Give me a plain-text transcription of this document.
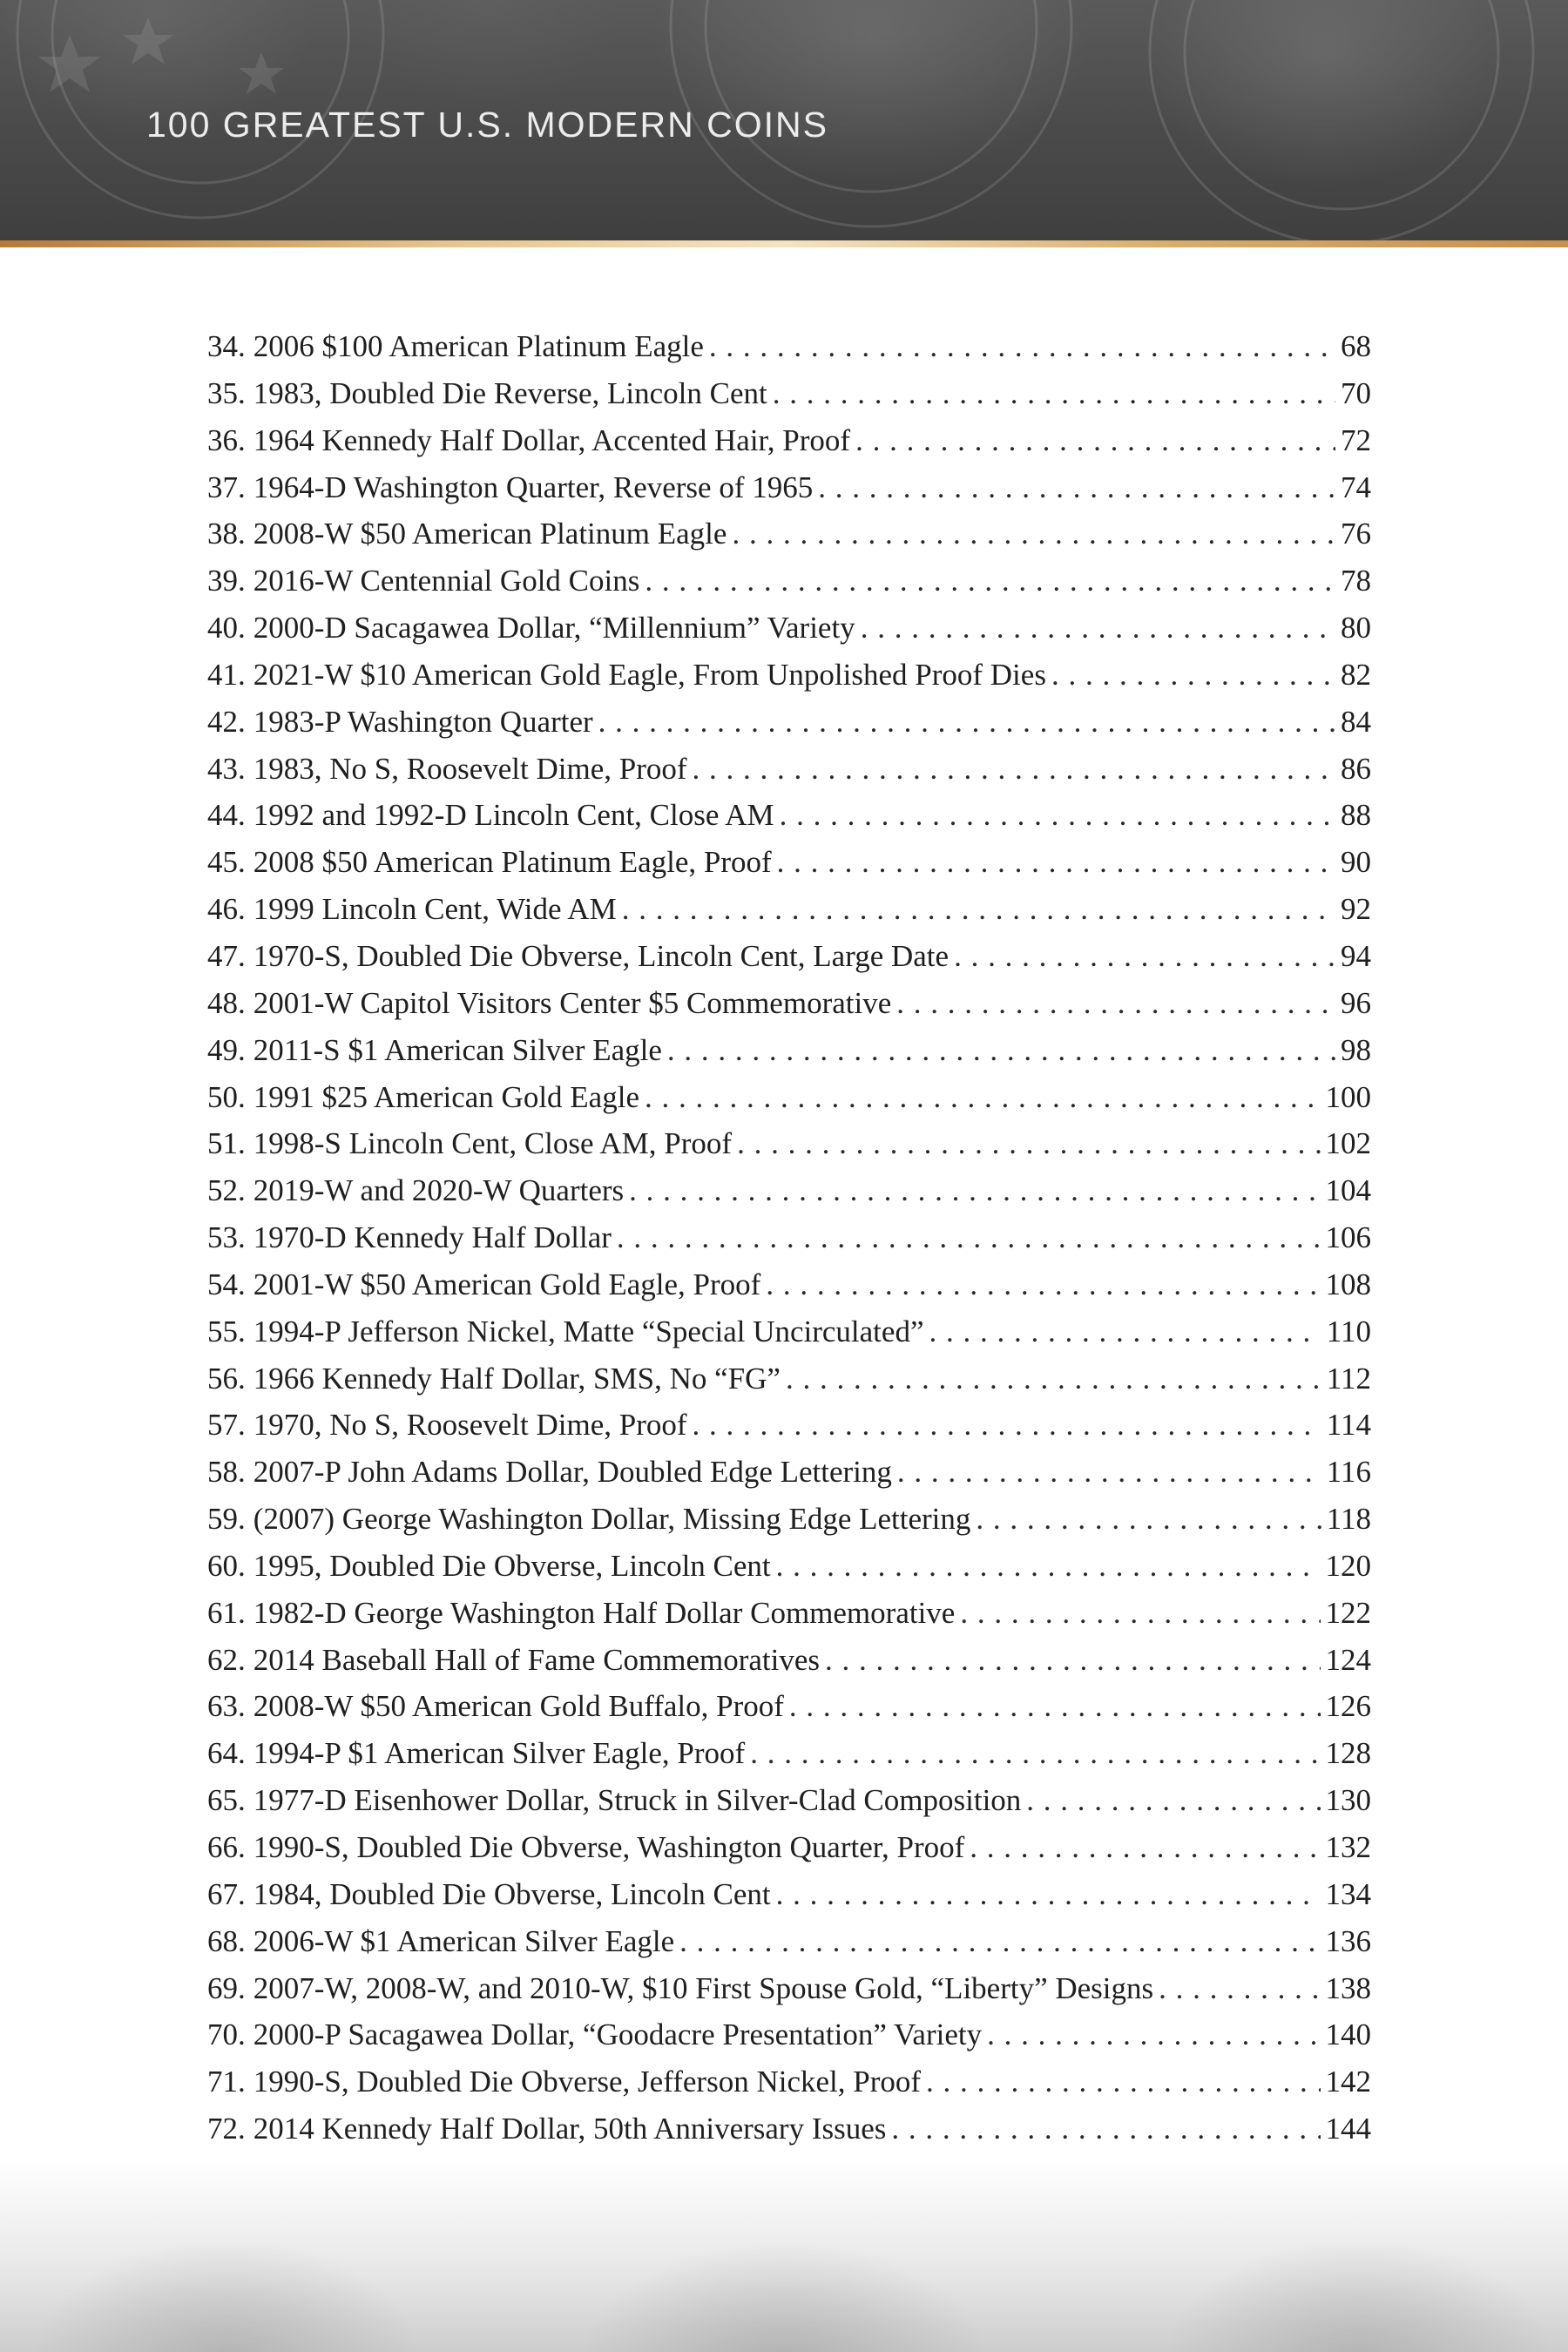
100 GREATEST U.S. MODERN COINS
34. 2006 $100 American Platinum Eagle . . .	68
35. 1983, Doubled Die Reverse, Lincoln Cent . . .	70
36. 1964 Kennedy Half Dollar, Accented Hair, Proof . . .	72
37. 1964-D Washington Quarter, Reverse of 1965 . . .	74
38. 2008-W $50 American Platinum Eagle . . .	76
39. 2016-W Centennial Gold Coins . . .	78
40. 2000-D Sacagawea Dollar, “Millennium” Variety . . .	80
41. 2021-W $10 American Gold Eagle, From Unpolished Proof Dies . . .	82
42. 1983-P Washington Quarter . . .	84
43. 1983, No S, Roosevelt Dime, Proof . . .	86
44. 1992 and 1992-D Lincoln Cent, Close AM . . .	88
45. 2008 $50 American Platinum Eagle, Proof . . .	90
46. 1999 Lincoln Cent, Wide AM . . .	92
47. 1970-S, Doubled Die Obverse, Lincoln Cent, Large Date . . .	94
48. 2001-W Capitol Visitors Center $5 Commemorative . . .	96
49. 2011-S $1 American Silver Eagle . . .	98
50. 1991 $25 American Gold Eagle . . .	100
51. 1998-S Lincoln Cent, Close AM, Proof . . .	102
52. 2019-W and 2020-W Quarters . . .	104
53. 1970-D Kennedy Half Dollar . . .	106
54. 2001-W $50 American Gold Eagle, Proof . . .	108
55. 1994-P Jefferson Nickel, Matte “Special Uncirculated” . . .	110
56. 1966 Kennedy Half Dollar, SMS, No “FG” . . .	112
57. 1970, No S, Roosevelt Dime, Proof . . .	114
58. 2007-P John Adams Dollar, Doubled Edge Lettering . . .	116
59. (2007) George Washington Dollar, Missing Edge Lettering . . .	118
60. 1995, Doubled Die Obverse, Lincoln Cent . . .	120
61. 1982-D George Washington Half Dollar Commemorative . . .	122
62. 2014 Baseball Hall of Fame Commemoratives . . .	124
63. 2008-W $50 American Gold Buffalo, Proof . . .	126
64. 1994-P $1 American Silver Eagle, Proof . . .	128
65. 1977-D Eisenhower Dollar, Struck in Silver-Clad Composition . . .	130
66. 1990-S, Doubled Die Obverse, Washington Quarter, Proof . . .	132
67. 1984, Doubled Die Obverse, Lincoln Cent . . .	134
68. 2006-W $1 American Silver Eagle . . .	136
69. 2007-W, 2008-W, and 2010-W, $10 First Spouse Gold, “Liberty” Designs . . .	138
70. 2000-P Sacagawea Dollar, “Goodacre Presentation” Variety . . .	140
71. 1990-S, Doubled Die Obverse, Jefferson Nickel, Proof . . .	142
72. 2014 Kennedy Half Dollar, 50th Anniversary Issues . . .	144
